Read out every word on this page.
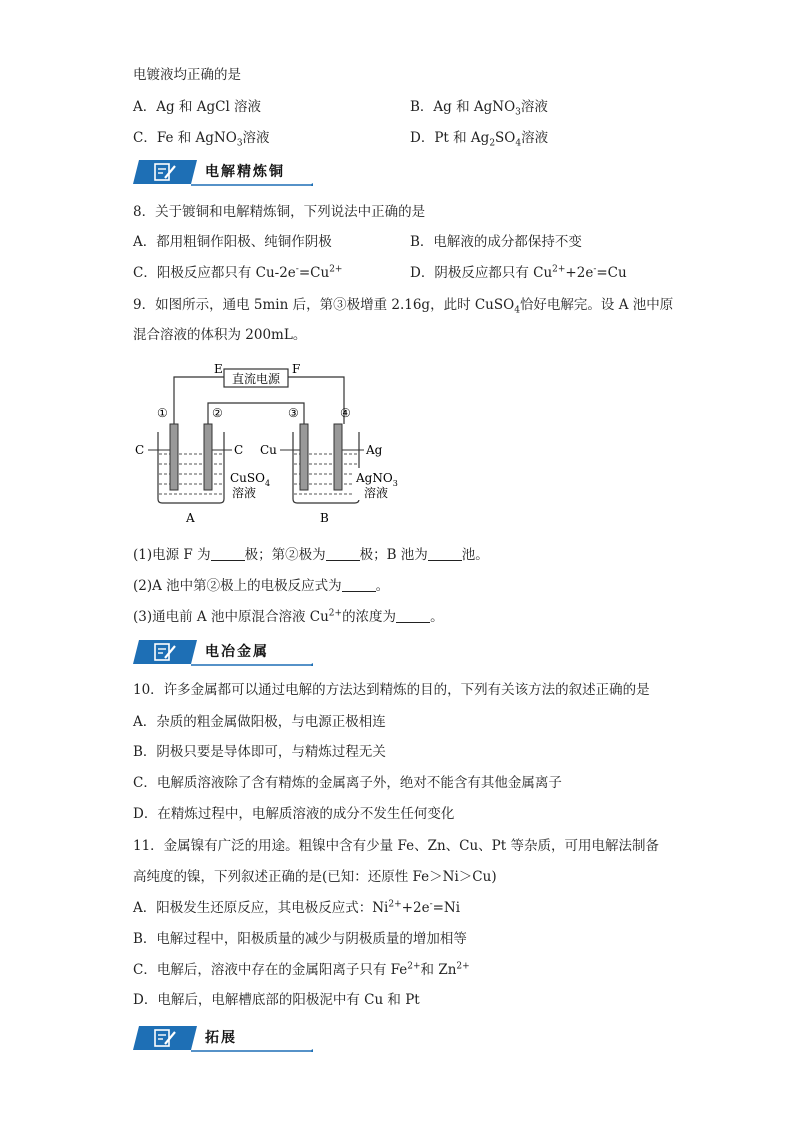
电镀液均正确的是
A．Ag 和 AgCl 溶液	B．Ag 和 AgNO$_3$溶液
C．Fe 和 AgNO$_3$溶液	D．Pt 和 $Ag_2SO_4$溶液
电解精炼铜
8．关于镀铜和电解精炼铜，下列说法中正确的是
A．都用粗铜作阳极、纯铜作阴极	B．电解液的成分都保持不变
C．阳极反应都只有 $Cu-2e^-=Cu^{2+}$	D．阴极反应都只有 $Cu^{2+}+2e^-=Cu$
9．如图所示，通电 5min 后，第③极增重 2.16g，此时 CuSO$_4$恰好电解完。设 A 池中原
混合溶液的体积为 200mL。
直流电源
E	F
①	②	③	④
C	C Cu	Ag
CuSO$_4$
溶液
AgNO$_3$
溶液
A	B
(1)电源 F 为	极；第②极为	极；B 池为	池。
(2)A 池中第②极上的电极反应式为	。
(3)通电前 A 池中原混合溶液 $Cu^{2+}$的浓度为	。
电冶金属
10．许多金属都可以通过电解的方法达到精炼的目的，下列有关该方法的叙述正确的是
A．杂质的粗金属做阳极，与电源正极相连
B．阴极只要是导体即可，与精炼过程无关
C．电解质溶液除了含有精炼的金属离子外，绝对不能含有其他金属离子
D．在精炼过程中，电解质溶液的成分不发生任何变化
11．金属镍有广泛的用途。粗镍中含有少量 Fe、Zn、Cu、Pt 等杂质，可用电解法制备
高纯度的镍，下列叙述正确的是(已知：还原性 Fe＞Ni＞Cu)
A．阳极发生还原反应，其电极反应式：$Ni^{2+}+2e^-=Ni$
B．电解过程中，阳极质量的减少与阴极质量的增加相等
C．电解后，溶液中存在的金属阳离子只有 $Fe^{2+}$和 $Zn^{2+}$
D．电解后，电解槽底部的阳极泥中有 Cu 和 Pt
拓展
